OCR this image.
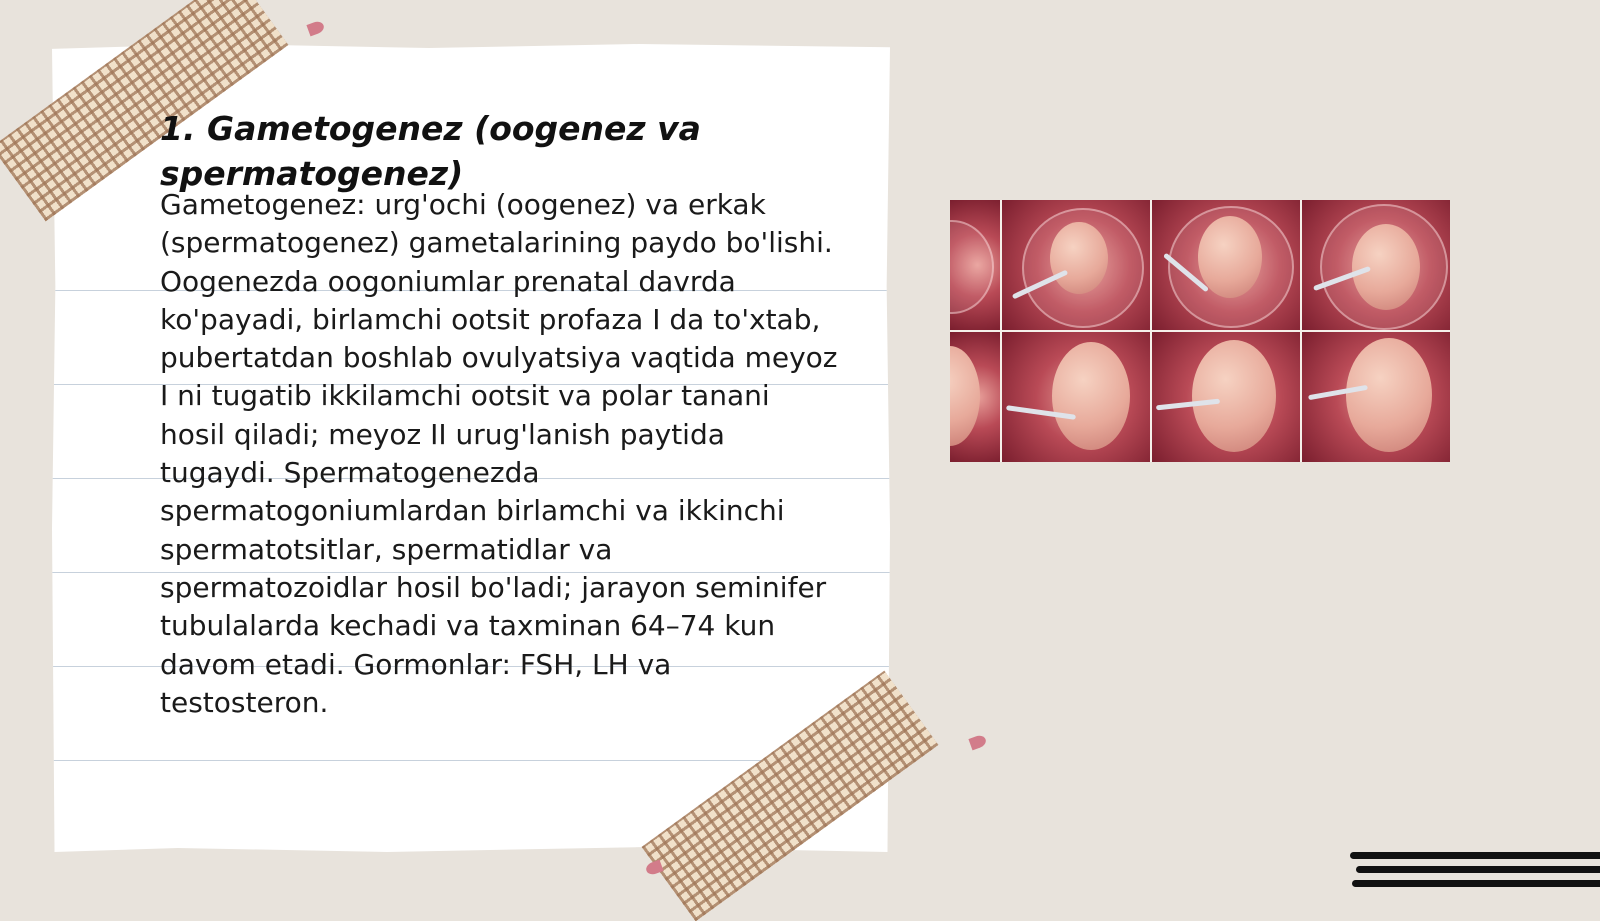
1. Gametogenez (oogenez va spermatogenez)

Gametogenez: urg'ochi (oogenez) va erkak (spermatogenez) gametalarining paydo bo'lishi. Oogenezda oogoniumlar prenatal davrda ko'payadi, birlamchi ootsit profaza I da to'xtab, pubertatdan boshlab ovulyatsiya vaqtida meyoz I ni tugatib ikkilamchi ootsit va polar tanani hosil qiladi; meyoz II urug'lanish paytida tugaydi. Spermatogenezda spermatogoniumlardan birlamchi va ikkinchi spermatotsitlar, spermatidlar va spermatozoidlar hosil bo'ladi; jarayon seminifer tubulalarda kechadi va taxminan 64–74 kun davom etadi. Gormonlar: FSH, LH va testosteron.
